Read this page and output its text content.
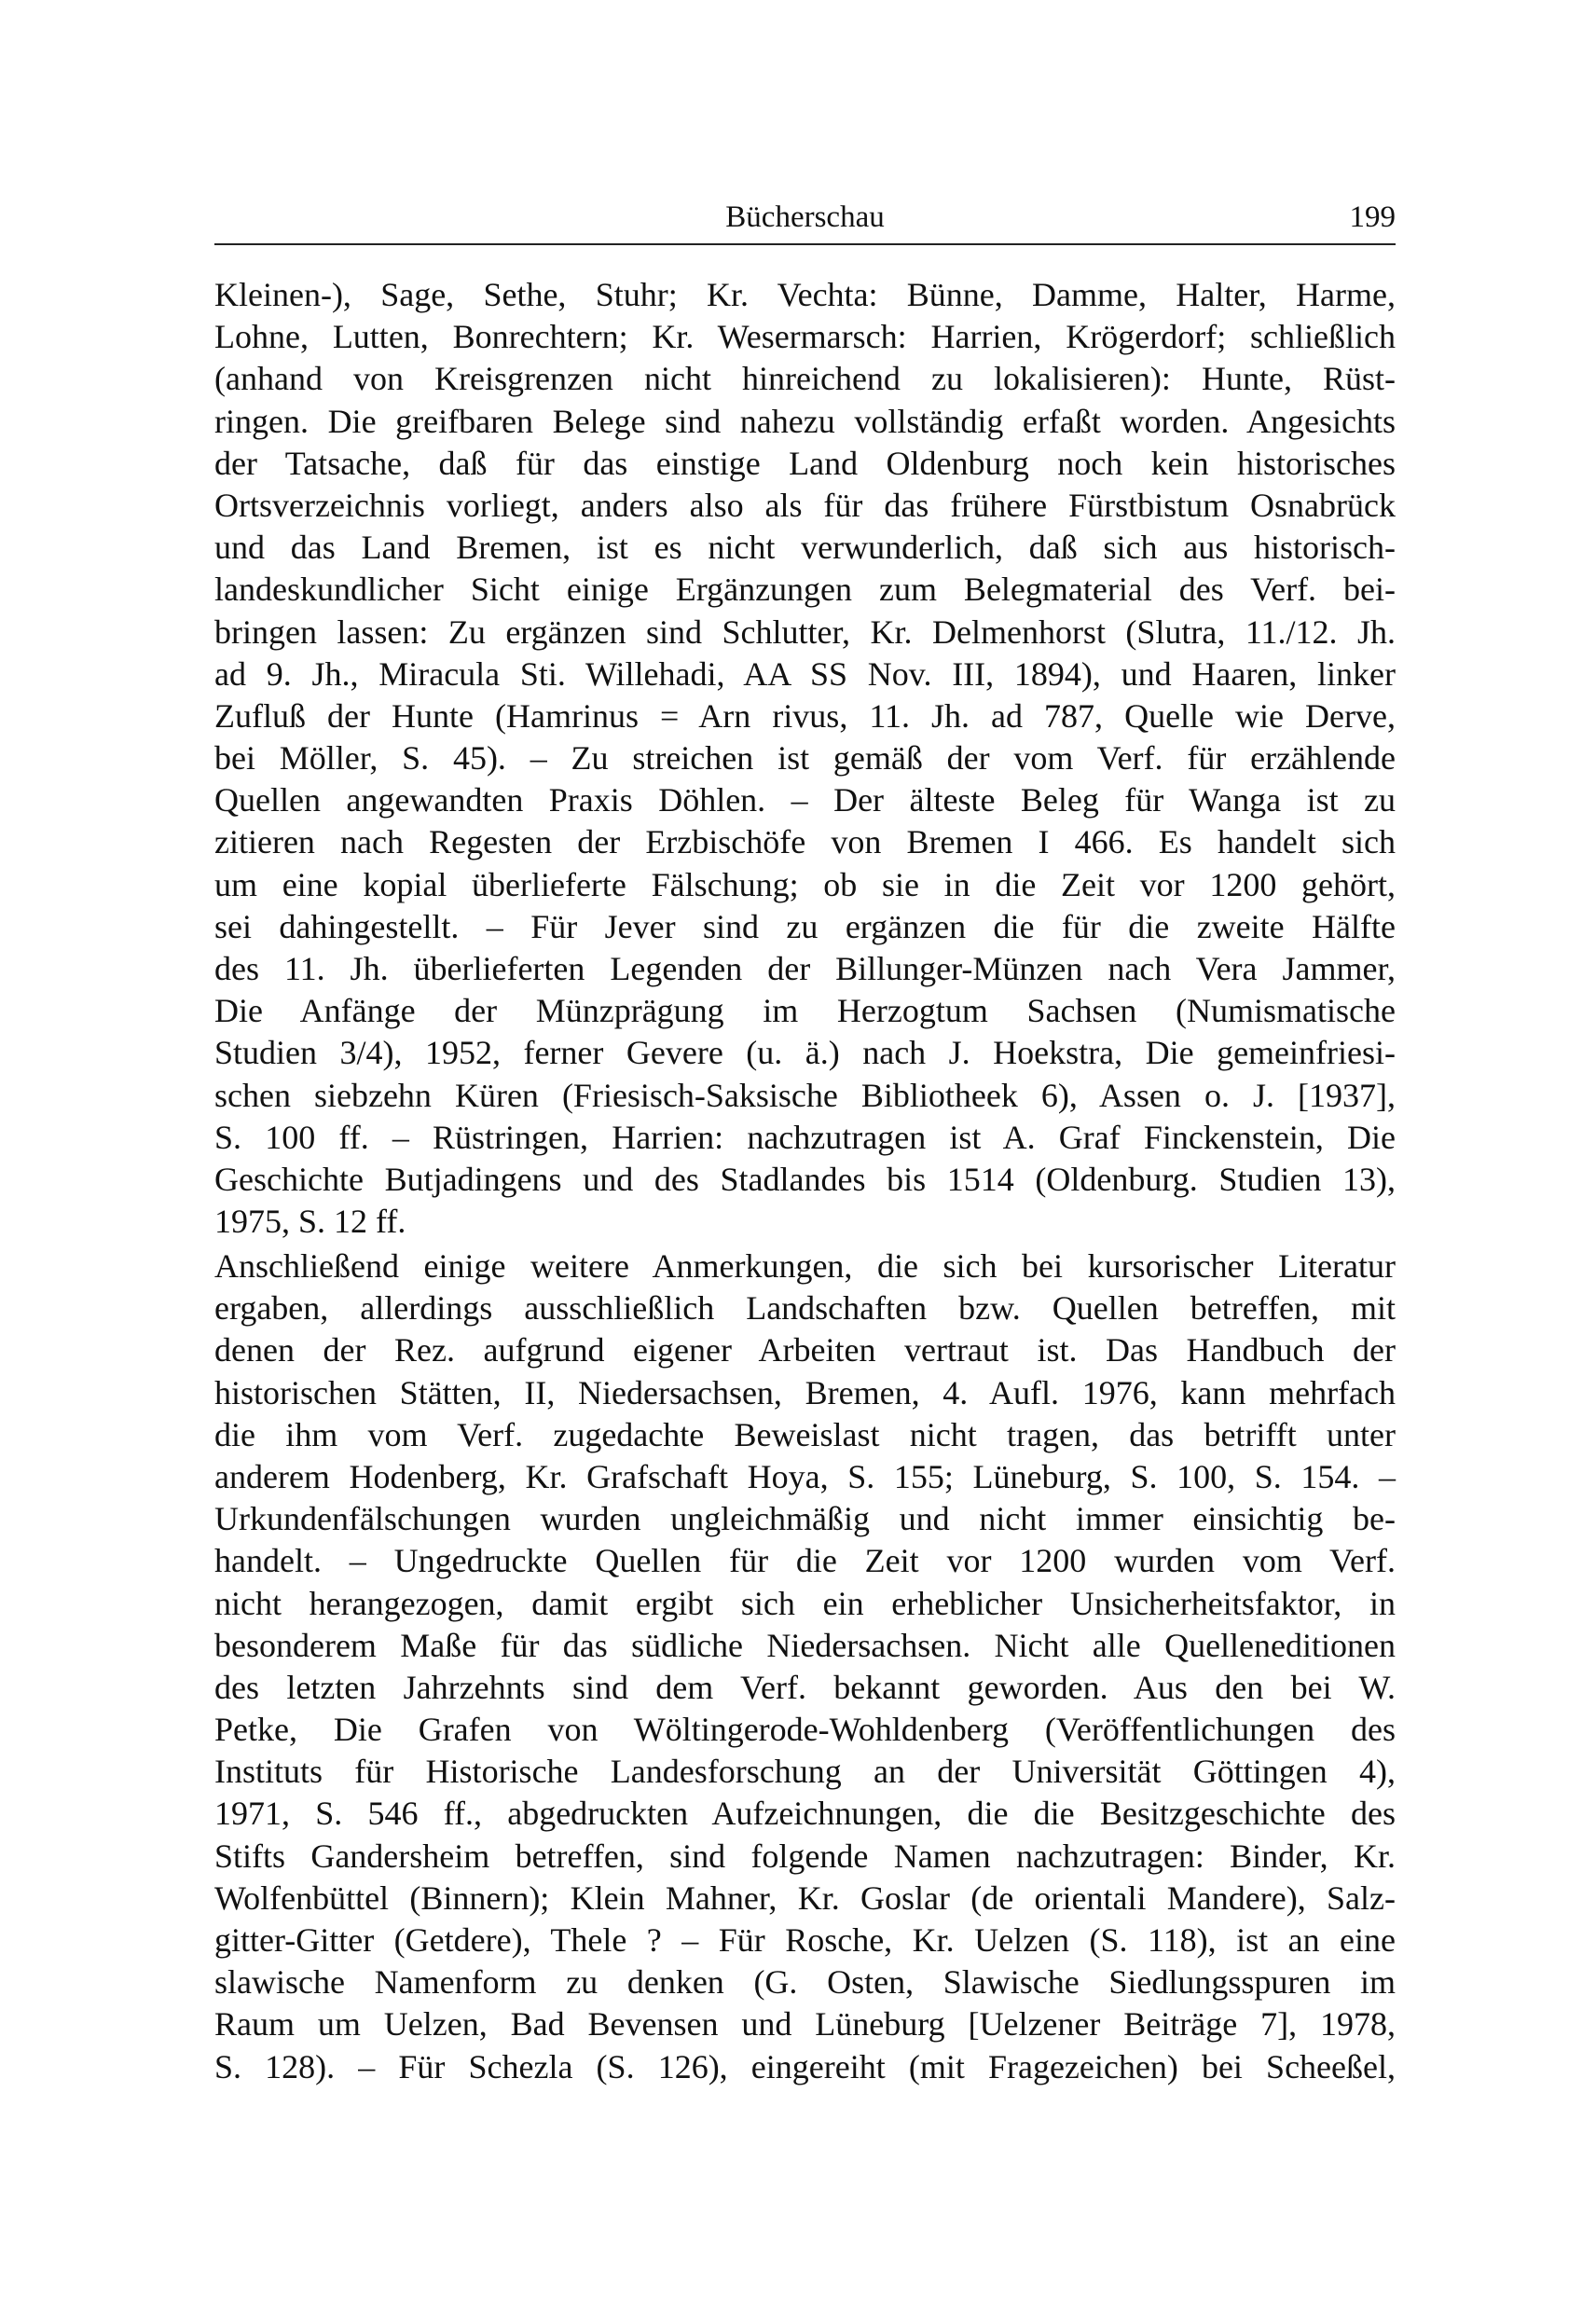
Bücherschau	199
Kleinen-), Sage, Sethe, Stuhr; Kr. Vechta: Bünne, Damme, Halter, Harme,
Lohne, Lutten, Bonrechtern; Kr. Wesermarsch: Harrien, Krögerdorf; schließlich
(anhand von Kreisgrenzen nicht hinreichend zu lokalisieren): Hunte, Rüst-
ringen. Die greifbaren Belege sind nahezu vollständig erfaßt worden. Angesichts
der Tatsache, daß für das einstige Land Oldenburg noch kein historisches
Ortsverzeichnis vorliegt, anders also als für das frühere Fürstbistum Osnabrück
und das Land Bremen, ist es nicht verwunderlich, daß sich aus historisch-
landeskundlicher Sicht einige Ergänzungen zum Belegmaterial des Verf. bei-
bringen lassen: Zu ergänzen sind Schlutter, Kr. Delmenhorst (Slutra, 11./12. Jh.
ad 9. Jh., Miracula Sti. Willehadi, AA SS Nov. III, 1894), und Haaren, linker
Zufluß der Hunte (Hamrinus = Arn rivus, 11. Jh. ad 787, Quelle wie Derve,
bei Möller, S. 45). – Zu streichen ist gemäß der vom Verf. für erzählende
Quellen angewandten Praxis Döhlen. – Der älteste Beleg für Wanga ist zu
zitieren nach Regesten der Erzbischöfe von Bremen I 466. Es handelt sich
um eine kopial überlieferte Fälschung; ob sie in die Zeit vor 1200 gehört,
sei dahingestellt. – Für Jever sind zu ergänzen die für die zweite Hälfte
des 11. Jh. überlieferten Legenden der Billunger-Münzen nach Vera Jammer,
Die Anfänge der Münzprägung im Herzogtum Sachsen (Numismatische
Studien 3/4), 1952, ferner Gevere (u. ä.) nach J. Hoekstra, Die gemeinfriesi-
schen siebzehn Küren (Friesisch-Saksische Bibliotheek 6), Assen o. J. [1937],
S. 100 ff. – Rüstringen, Harrien: nachzutragen ist A. Graf Finckenstein, Die
Geschichte Butjadingens und des Stadlandes bis 1514 (Oldenburg. Studien 13),
1975, S. 12 ff.
Anschließend einige weitere Anmerkungen, die sich bei kursorischer Literatur
ergaben, allerdings ausschließlich Landschaften bzw. Quellen betreffen, mit
denen der Rez. aufgrund eigener Arbeiten vertraut ist. Das Handbuch der
historischen Stätten, II, Niedersachsen, Bremen, 4. Aufl. 1976, kann mehrfach
die ihm vom Verf. zugedachte Beweislast nicht tragen, das betrifft unter
anderem Hodenberg, Kr. Grafschaft Hoya, S. 155; Lüneburg, S. 100, S. 154. –
Urkundenfälschungen wurden ungleichmäßig und nicht immer einsichtig be-
handelt. – Ungedruckte Quellen für die Zeit vor 1200 wurden vom Verf.
nicht herangezogen, damit ergibt sich ein erheblicher Unsicherheitsfaktor, in
besonderem Maße für das südliche Niedersachsen. Nicht alle Quelleneditionen
des letzten Jahrzehnts sind dem Verf. bekannt geworden. Aus den bei W.
Petke, Die Grafen von Wöltingerode-Wohldenberg (Veröffentlichungen des
Instituts für Historische Landesforschung an der Universität Göttingen 4),
1971, S. 546 ff., abgedruckten Aufzeichnungen, die die Besitzgeschichte des
Stifts Gandersheim betreffen, sind folgende Namen nachzutragen: Binder, Kr.
Wolfenbüttel (Binnern); Klein Mahner, Kr. Goslar (de orientali Mandere), Salz-
gitter-Gitter (Getdere), Thele ? – Für Rosche, Kr. Uelzen (S. 118), ist an eine
slawische Namenform zu denken (G. Osten, Slawische Siedlungsspuren im
Raum um Uelzen, Bad Bevensen und Lüneburg [Uelzener Beiträge 7], 1978,
S. 128). – Für Schezla (S. 126), eingereiht (mit Fragezeichen) bei Scheeßel,
